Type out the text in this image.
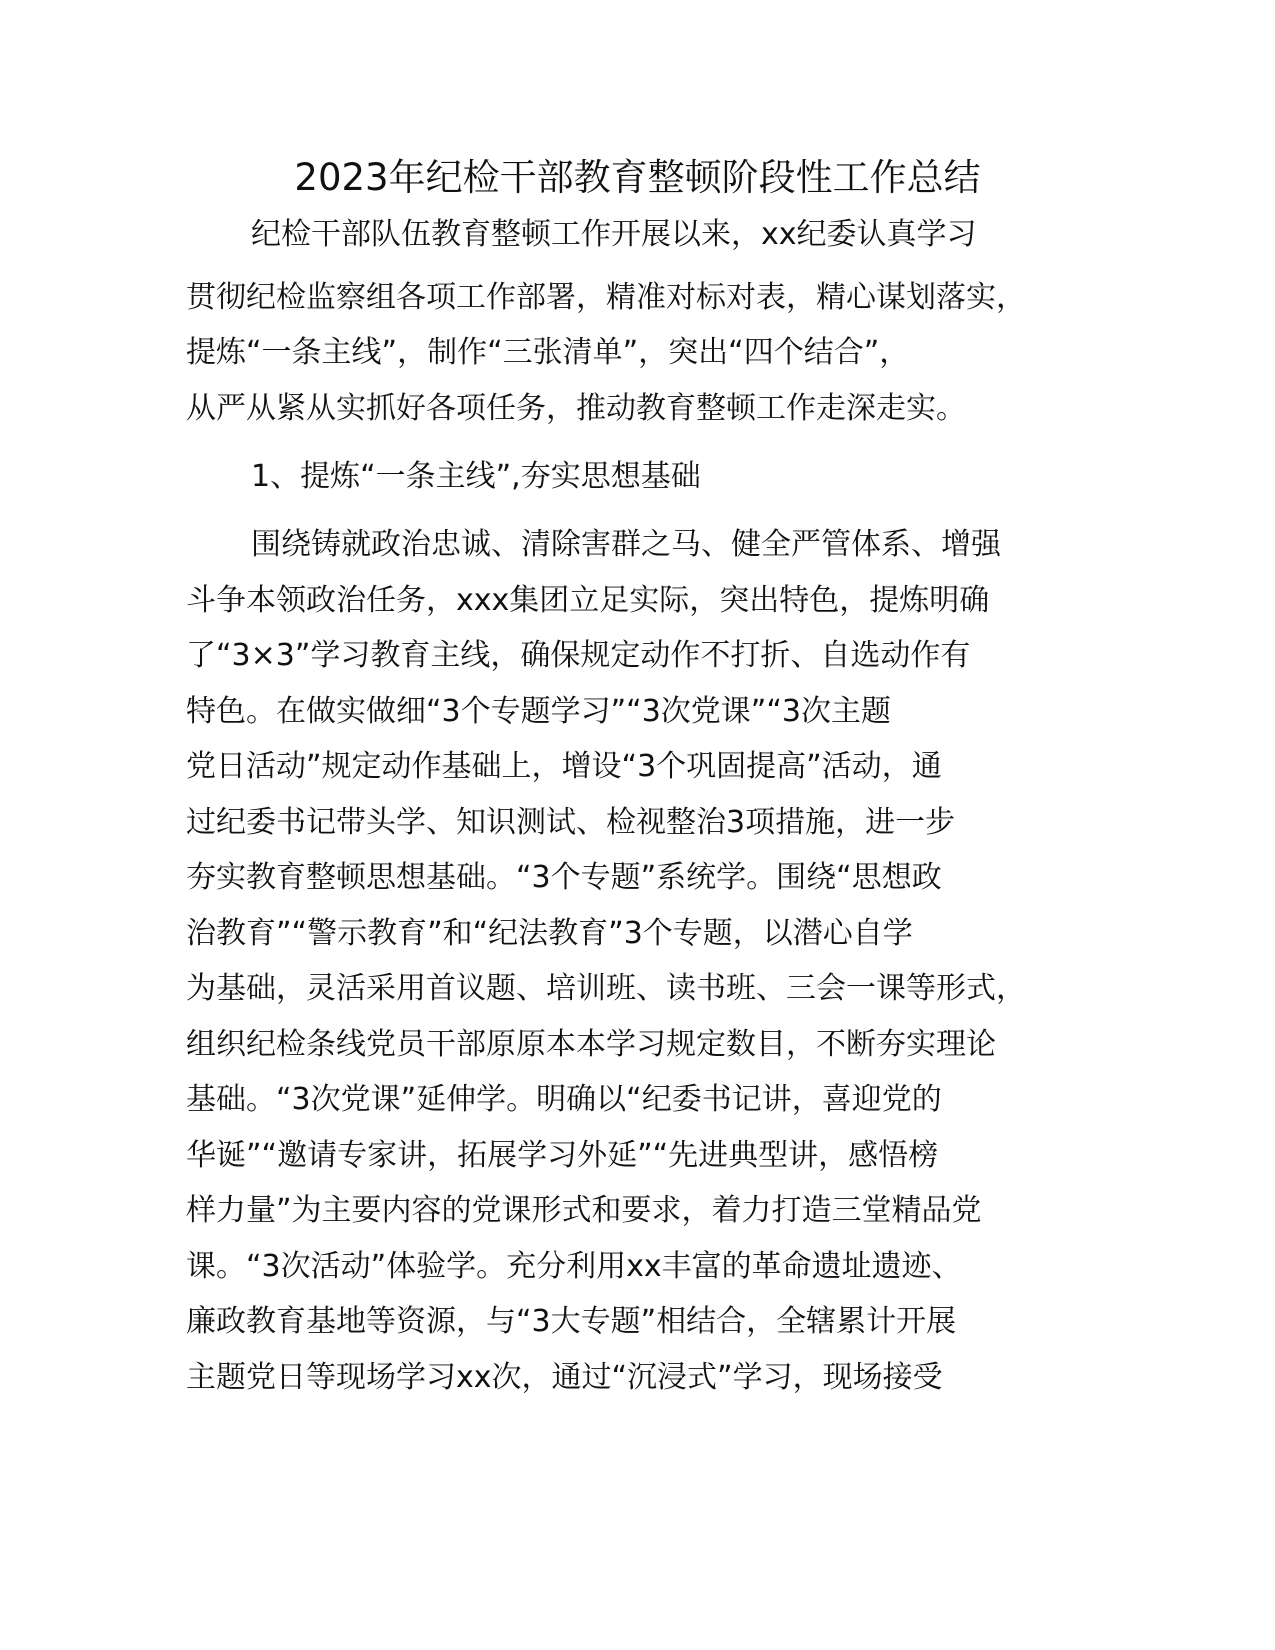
2023年纪检干部教育整顿阶段性工作总结

纪检干部队伍教育整顿工作开展以来，xx纪委认真学习

贯彻纪检监察组各项工作部署，精准对标对表，精心谋划落实，

提炼“一条主线”，制作“三张清单”，突出“四个结合”，

从严从紧从实抓好各项任务，推动教育整顿工作走深走实。

1、提炼“一条主线”,夯实思想基础

围绕铸就政治忠诚、清除害群之马、健全严管体系、增强

斗争本领政治任务，xxx集团立足实际，突出特色，提炼明确

了“3×3”学习教育主线，确保规定动作不打折、自选动作有

特色。在做实做细“3个专题学习”“3次党课”“3次主题

党日活动”规定动作基础上，增设“3个巩固提高”活动，通

过纪委书记带头学、知识测试、检视整治3项措施，进一步

夯实教育整顿思想基础。“3个专题”系统学。围绕“思想政

治教育”“警示教育”和“纪法教育”3个专题，以潜心自学

为基础，灵活采用首议题、培训班、读书班、三会一课等形式，

组织纪检条线党员干部原原本本学习规定数目，不断夯实理论

基础。“3次党课”延伸学。明确以“纪委书记讲，喜迎党的

华诞”“邀请专家讲，拓展学习外延”“先进典型讲，感悟榜

样力量”为主要内容的党课形式和要求，着力打造三堂精品党

课。“3次活动”体验学。充分利用xx丰富的革命遗址遗迹、

廉政教育基地等资源，与“3大专题”相结合，全辖累计开展

主题党日等现场学习xx次，通过“沉浸式”学习，现场接受
